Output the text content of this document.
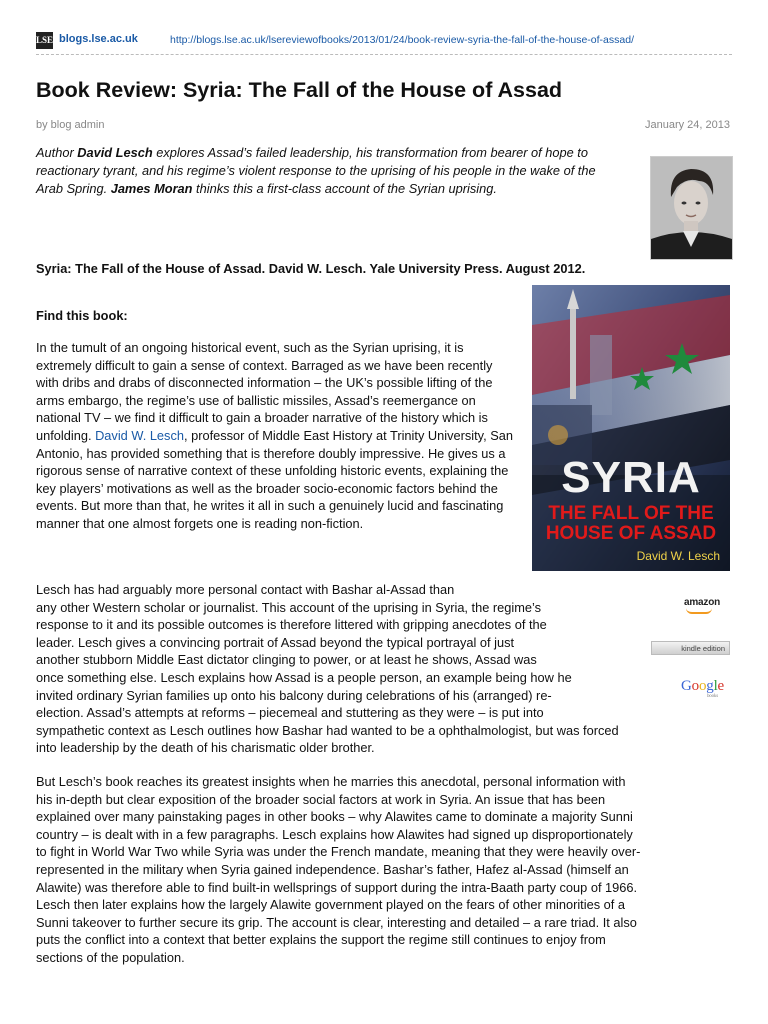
LSE blogs.lse.ac.uk	http://blogs.lse.ac.uk/lsereviewofbooks/2013/01/24/book-review-syria-the-fall-of-the-house-of-assad/
Book Review: Syria: The Fall of the House of Assad
by blog admin	January 24, 2013

Author David Lesch explores Assad’s failed leadership, his transformation from bearer of hope to reactionary tyrant, and his regime’s violent response to the uprising of his people in the wake of the Arab Spring. James Moran thinks this a first-class account of the Syrian uprising.

Syria: The Fall of the House of Assad. David W. Lesch. Yale University Press. August 2012.

Find this book:

In the tumult of an ongoing historical event, such as the Syrian uprising, it is extremely difficult to gain a sense of context. Barraged as we have been recently with dribs and drabs of disconnected information – the UK’s possible lifting of the arms embargo, the regime’s use of ballistic missiles, Assad’s reemergance on national TV – we find it difficult to gain a broader narrative of the history which is unfolding. David W. Lesch, professor of Middle East History at Trinity University, San Antonio, has provided something that is therefore doubly impressive. He gives us a rigorous sense of narrative context of these unfolding historic events, explaining the key players’ motivations as well as the broader socio-economic factors behind the events. But more than that, he writes it all in such a genuinely lucid and fascinating manner that one almost forgets one is reading non-fiction.

SYRIA
THE FALL OF THE
HOUSE OF ASSAD
David W. Lesch
amazon
kindle edition
Google
books

Lesch has had arguably more personal contact with Bashar al-Assad than
any other Western scholar or journalist. This account of the uprising in Syria, the regime’s
response to it and its possible outcomes is therefore littered with gripping anecdotes of the
leader. Lesch gives a convincing portrait of Assad beyond the typical portrayal of just
another stubborn Middle East dictator clinging to power, or at least he shows, Assad was
once something else. Lesch explains how Assad is a people person, an example being how he
invited ordinary Syrian families up onto his balcony during celebrations of his (arranged) re-
election. Assad’s attempts at reforms – piecemeal and stuttering as they were – is put into
sympathetic context as Lesch outlines how Bashar had wanted to be a ophthalmologist, but was forced
into leadership by the death of his charismatic older brother.

But Lesch’s book reaches its greatest insights when he marries this anecdotal, personal information with
his in-depth but clear exposition of the broader social factors at work in Syria. An issue that has been
explained over many painstaking pages in other books – why Alawites came to dominate a majority Sunni
country – is dealt with in a few paragraphs. Lesch explains how Alawites had signed up disproportionately
to fight in World War Two while Syria was under the French mandate, meaning that they were heavily over-
represented in the military when Syria gained independence. Bashar’s father, Hafez al-Assad (himself an
Alawite) was therefore able to find built-in wellsprings of support during the intra-Baath party coup of 1966.
Lesch then later explains how the largely Alawite government played on the fears of other minorities of a
Sunni takeover to further secure its grip. The account is clear, interesting and detailed – a rare triad. It also
puts the conflict into a context that better explains the support the regime still continues to enjoy from
sections of the population.
